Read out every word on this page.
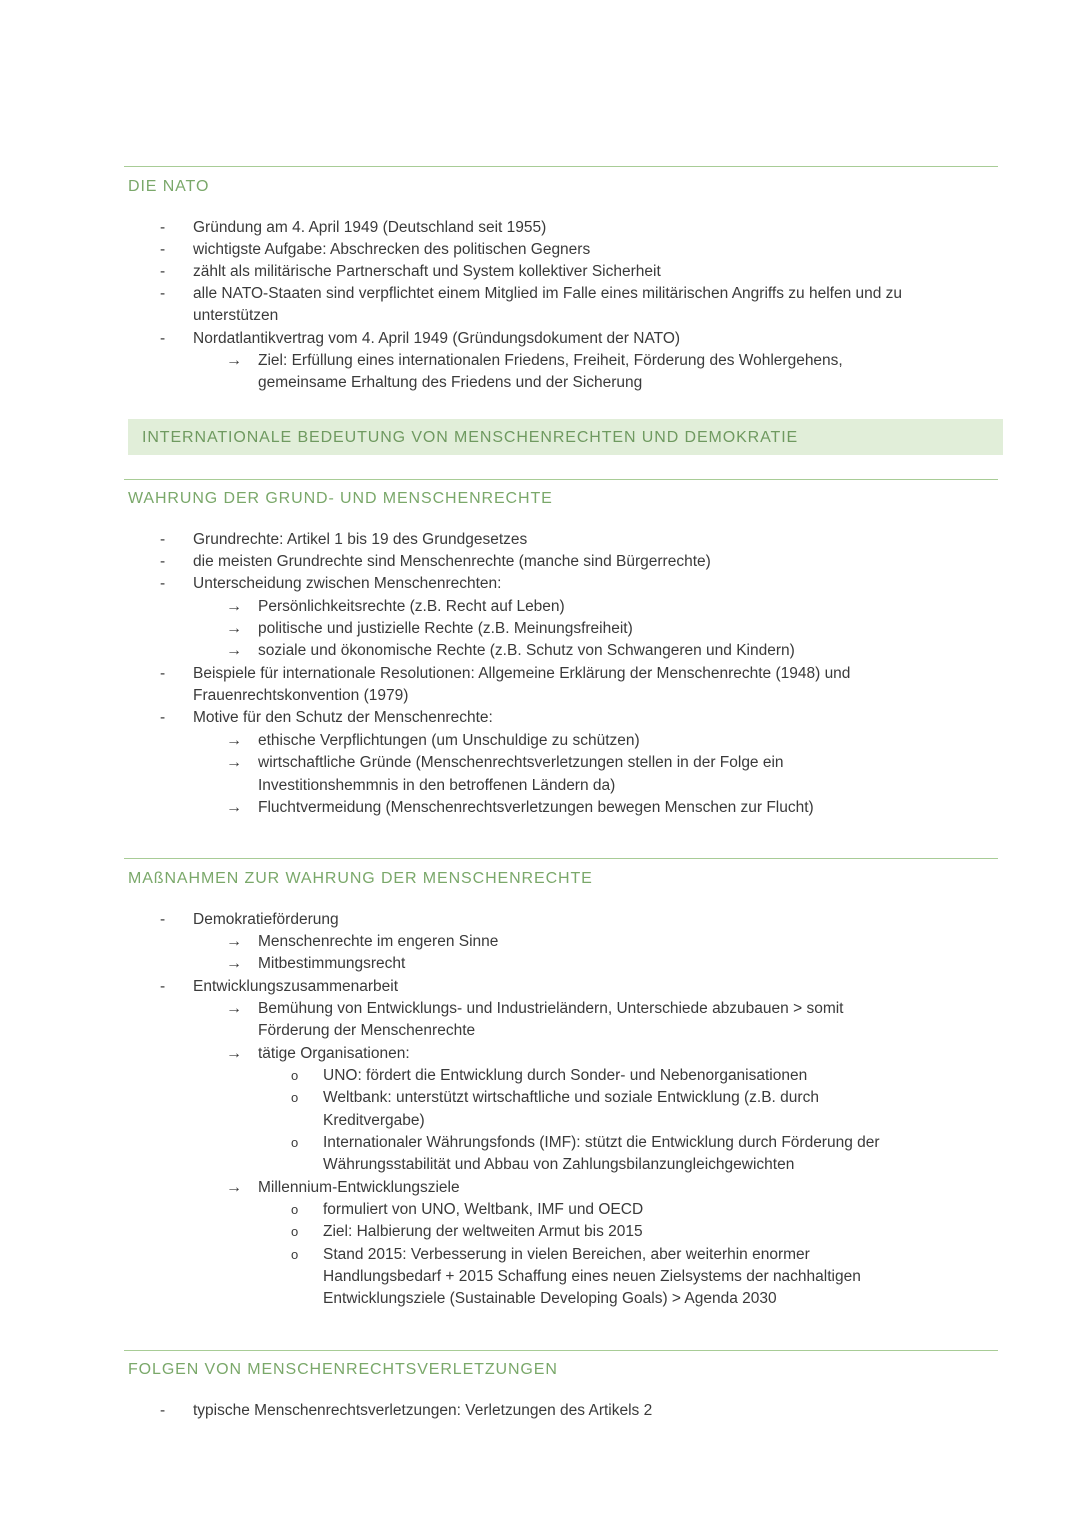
DIE NATO
- Gründung am 4. April 1949 (Deutschland seit 1955)
- wichtigste Aufgabe: Abschrecken des politischen Gegners
- zählt als militärische Partnerschaft und System kollektiver Sicherheit
- alle NATO-Staaten sind verpflichtet einem Mitglied im Falle eines militärischen Angriffs zu helfen und zu
unterstützen
- Nordatlantikvertrag vom 4. April 1949 (Gründungsdokument der NATO)
→ Ziel: Erfüllung eines internationalen Friedens, Freiheit, Förderung des Wohlergehens,
gemeinsame Erhaltung des Friedens und der Sicherung
INTERNATIONALE BEDEUTUNG VON MENSCHENRECHTEN UND DEMOKRATIE
WAHRUNG DER GRUND- UND MENSCHENRECHTE
- Grundrechte: Artikel 1 bis 19 des Grundgesetzes
- die meisten Grundrechte sind Menschenrechte (manche sind Bürgerrechte)
- Unterscheidung zwischen Menschenrechten:
→ Persönlichkeitsrechte (z.B. Recht auf Leben)
→ politische und justizielle Rechte (z.B. Meinungsfreiheit)
→ soziale und ökonomische Rechte (z.B. Schutz von Schwangeren und Kindern)
- Beispiele für internationale Resolutionen: Allgemeine Erklärung der Menschenrechte (1948) und
Frauenrechtskonvention (1979)
- Motive für den Schutz der Menschenrechte:
→ ethische Verpflichtungen (um Unschuldige zu schützen)
→ wirtschaftliche Gründe (Menschenrechtsverletzungen stellen in der Folge ein
Investitionshemmnis in den betroffenen Ländern da)
→ Fluchtvermeidung (Menschenrechtsverletzungen bewegen Menschen zur Flucht)
MAßNAHMEN ZUR WAHRUNG DER MENSCHENRECHTE
- Demokratieförderung
→ Menschenrechte im engeren Sinne
→ Mitbestimmungsrecht
- Entwicklungszusammenarbeit
→ Bemühung von Entwicklungs- und Industrieländern, Unterschiede abzubauen > somit
Förderung der Menschenrechte
→ tätige Organisationen:
o UNO: fördert die Entwicklung durch Sonder- und Nebenorganisationen
o Weltbank: unterstützt wirtschaftliche und soziale Entwicklung (z.B. durch
Kreditvergabe)
o Internationaler Währungsfonds (IMF): stützt die Entwicklung durch Förderung der
Währungsstabilität und Abbau von Zahlungsbilanzungleichgewichten
→ Millennium-Entwicklungsziele
o formuliert von UNO, Weltbank, IMF und OECD
o Ziel: Halbierung der weltweiten Armut bis 2015
o Stand 2015: Verbesserung in vielen Bereichen, aber weiterhin enormer
Handlungsbedarf + 2015 Schaffung eines neuen Zielsystems der nachhaltigen
Entwicklungsziele (Sustainable Developing Goals) > Agenda 2030
FOLGEN VON MENSCHENRECHTSVERLETZUNGEN
- typische Menschenrechtsverletzungen: Verletzungen des Artikels 2
